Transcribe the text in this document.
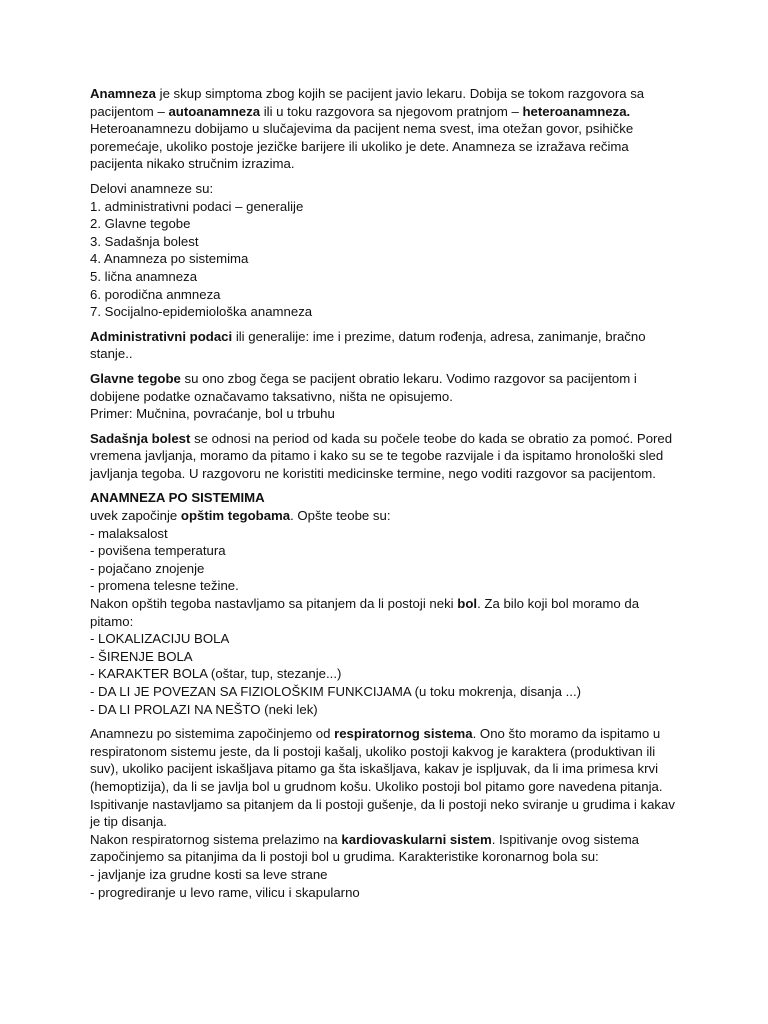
Anamneza je skup simptoma zbog kojih se pacijent javio lekaru. Dobija se tokom razgovora sa
pacijentom – autoanamneza ili u toku razgovora sa njegovom pratnjom – heteroanamneza.
Heteroanamnezu dobijamo u slučajevima da pacijent nema svest, ima otežan govor, psihičke
poremećaje, ukoliko postoje jezičke barijere ili ukoliko je dete. Anamneza se izražava rečima
pacijenta nikako stručnim izrazima.
Delovi anamneze su:
1. administrativni podaci – generalije
2. Glavne tegobe
3. Sadašnja bolest
4. Anamneza po sistemima
5. lična anamneza
6. porodična anmneza
7. Socijalno-epidemiološka anamneza
Administrativni podaci ili generalije: ime i prezime, datum rođenja, adresa, zanimanje, bračno
stanje..
Glavne tegobe su ono zbog čega se pacijent obratio lekaru. Vodimo razgovor sa pacijentom i
dobijene podatke označavamo taksativno, ništa ne opisujemo.
Primer: Mučnina, povraćanje, bol u trbuhu
Sadašnja bolest se odnosi na period od kada su počele teobe do kada se obratio za pomoć. Pored
vremena javljanja, moramo da pitamo i kako su se te tegobe razvijale i da ispitamo hronološki sled
javljanja tegoba. U razgovoru ne koristiti medicinske termine, nego voditi razgovor sa pacijentom.
ANAMNEZA PO SISTEMIMA
uvek započinje opštim tegobama. Opšte teobe su:
- malaksalost
- povišena temperatura
- pojačano znojenje
- promena telesne težine.
Nakon opštih tegoba nastavljamo sa pitanjem da li postoji neki bol. Za bilo koji bol moramo da
pitamo:
- LOKALIZACIJU BOLA
- ŠIRENJE BOLA
- KARAKTER BOLA (oštar, tup, stezanje...)
- DA LI JE POVEZAN SA FIZIOLOŠKIM FUNKCIJAMA (u toku mokrenja, disanja ...)
- DA LI PROLAZI NA NEŠTO (neki lek)
Anamnezu po sistemima započinjemo od respiratornog sistema. Ono što moramo da ispitamo u
respiratonom sistemu jeste, da li postoji kašalj, ukoliko postoji kakvog je karaktera (produktivan ili
suv), ukoliko pacijent iskašljava pitamo ga šta iskašljava, kakav je ispljuvak, da li ima primesa krvi
(hemoptizija), da li se javlja bol u grudnom košu. Ukoliko postoji bol pitamo gore navedena pitanja.
Ispitivanje nastavljamo sa pitanjem da li postoji gušenje, da li postoji neko sviranje u grudima i kakav
je tip disanja.
Nakon respiratornog sistema prelazimo na kardiovaskularni sistem. Ispitivanje ovog sistema
započinjemo sa pitanjima da li postoji bol u grudima. Karakteristike koronarnog bola su:
- javljanje iza grudne kosti sa leve strane
- progrediranje u levo rame, vilicu i skapularno
